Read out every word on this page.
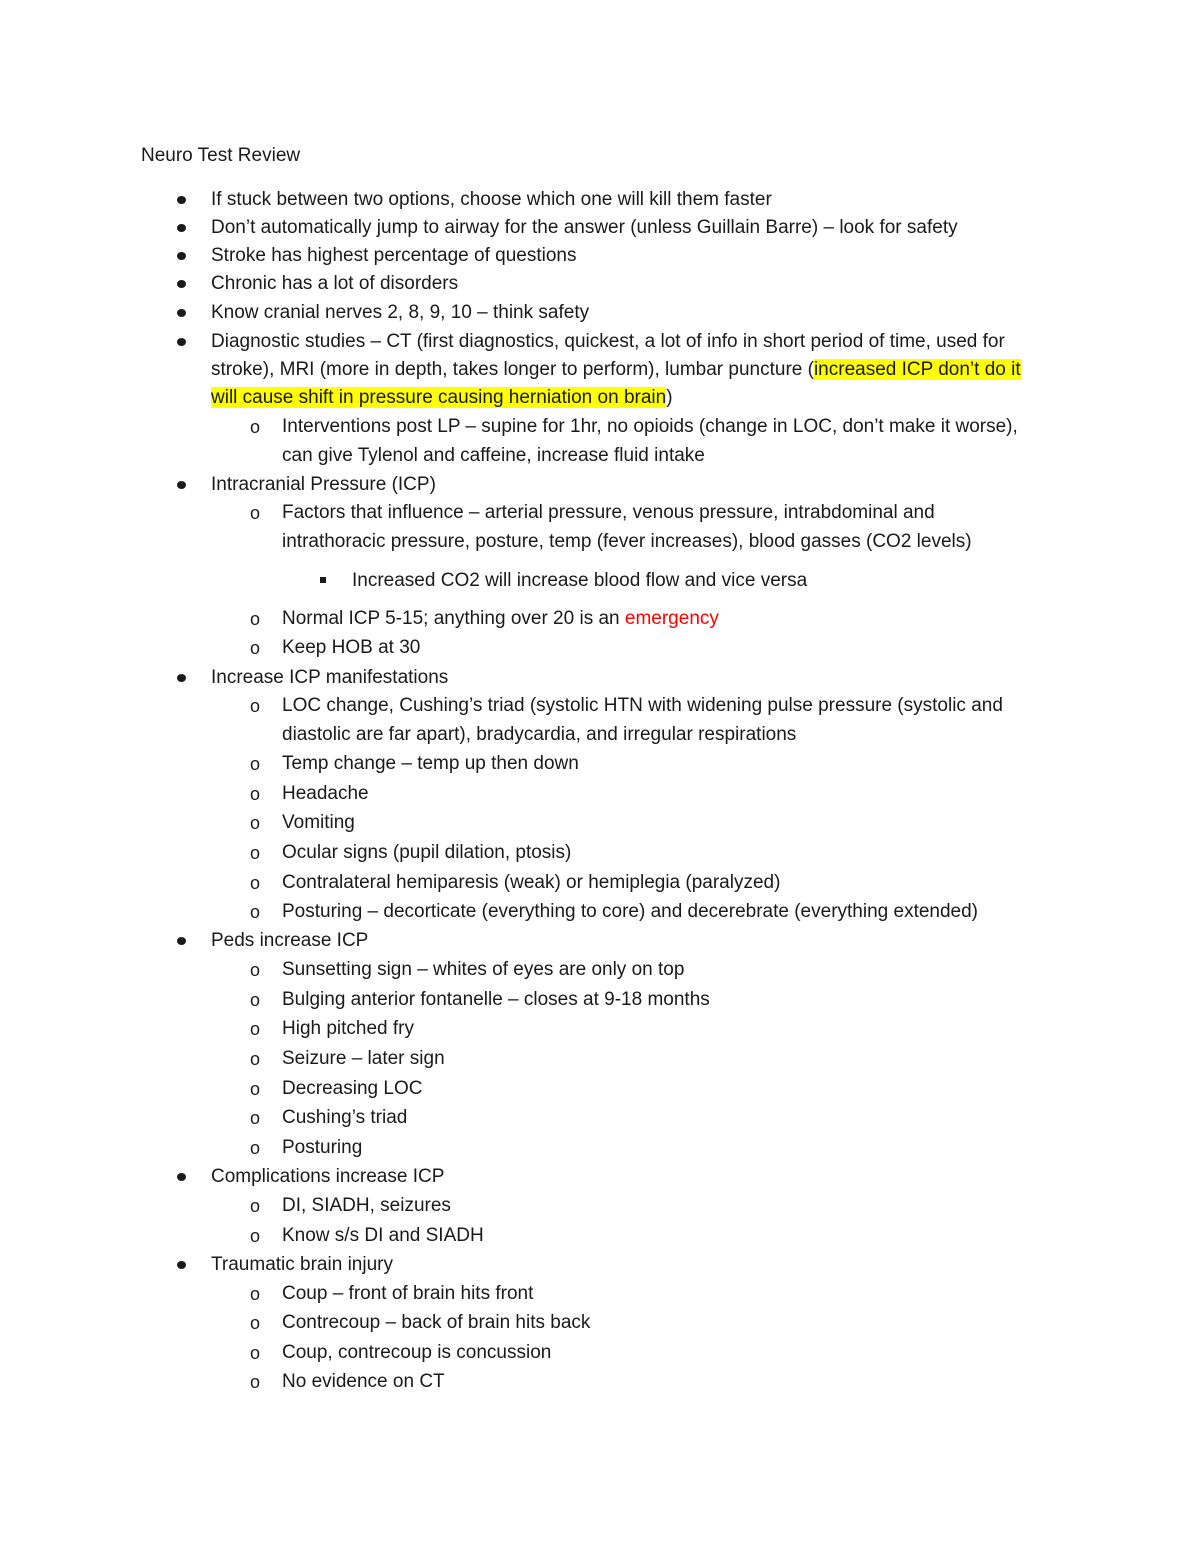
Neuro Test Review
If stuck between two options, choose which one will kill them faster
Don’t automatically jump to airway for the answer (unless Guillain Barre) – look for safety
Stroke has highest percentage of questions
Chronic has a lot of disorders
Know cranial nerves 2, 8, 9, 10 – think safety
Diagnostic studies – CT (first diagnostics, quickest, a lot of info in short period of time, used for
stroke), MRI (more in depth, takes longer to perform), lumbar puncture (increased ICP don’t do it
will cause shift in pressure causing herniation on brain)
o Interventions post LP – supine for 1hr, no opioids (change in LOC, don’t make it worse),
can give Tylenol and caffeine, increase fluid intake
Intracranial Pressure (ICP)
o Factors that influence – arterial pressure, venous pressure, intrabdominal and
intrathoracic pressure, posture, temp (fever increases), blood gasses (CO2 levels)
Increased CO2 will increase blood flow and vice versa
o Normal ICP 5-15; anything over 20 is an emergency
o Keep HOB at 30
Increase ICP manifestations
o LOC change, Cushing’s triad (systolic HTN with widening pulse pressure (systolic and
diastolic are far apart), bradycardia, and irregular respirations
o Temp change – temp up then down
o Headache
o Vomiting
o Ocular signs (pupil dilation, ptosis)
o Contralateral hemiparesis (weak) or hemiplegia (paralyzed)
o Posturing – decorticate (everything to core) and decerebrate (everything extended)
Peds increase ICP
o Sunsetting sign – whites of eyes are only on top
o Bulging anterior fontanelle – closes at 9-18 months
o High pitched fry
o Seizure – later sign
o Decreasing LOC
o Cushing’s triad
o Posturing
Complications increase ICP
o DI, SIADH, seizures
o Know s/s DI and SIADH
Traumatic brain injury
o Coup – front of brain hits front
o Contrecoup – back of brain hits back
o Coup, contrecoup is concussion
o No evidence on CT
